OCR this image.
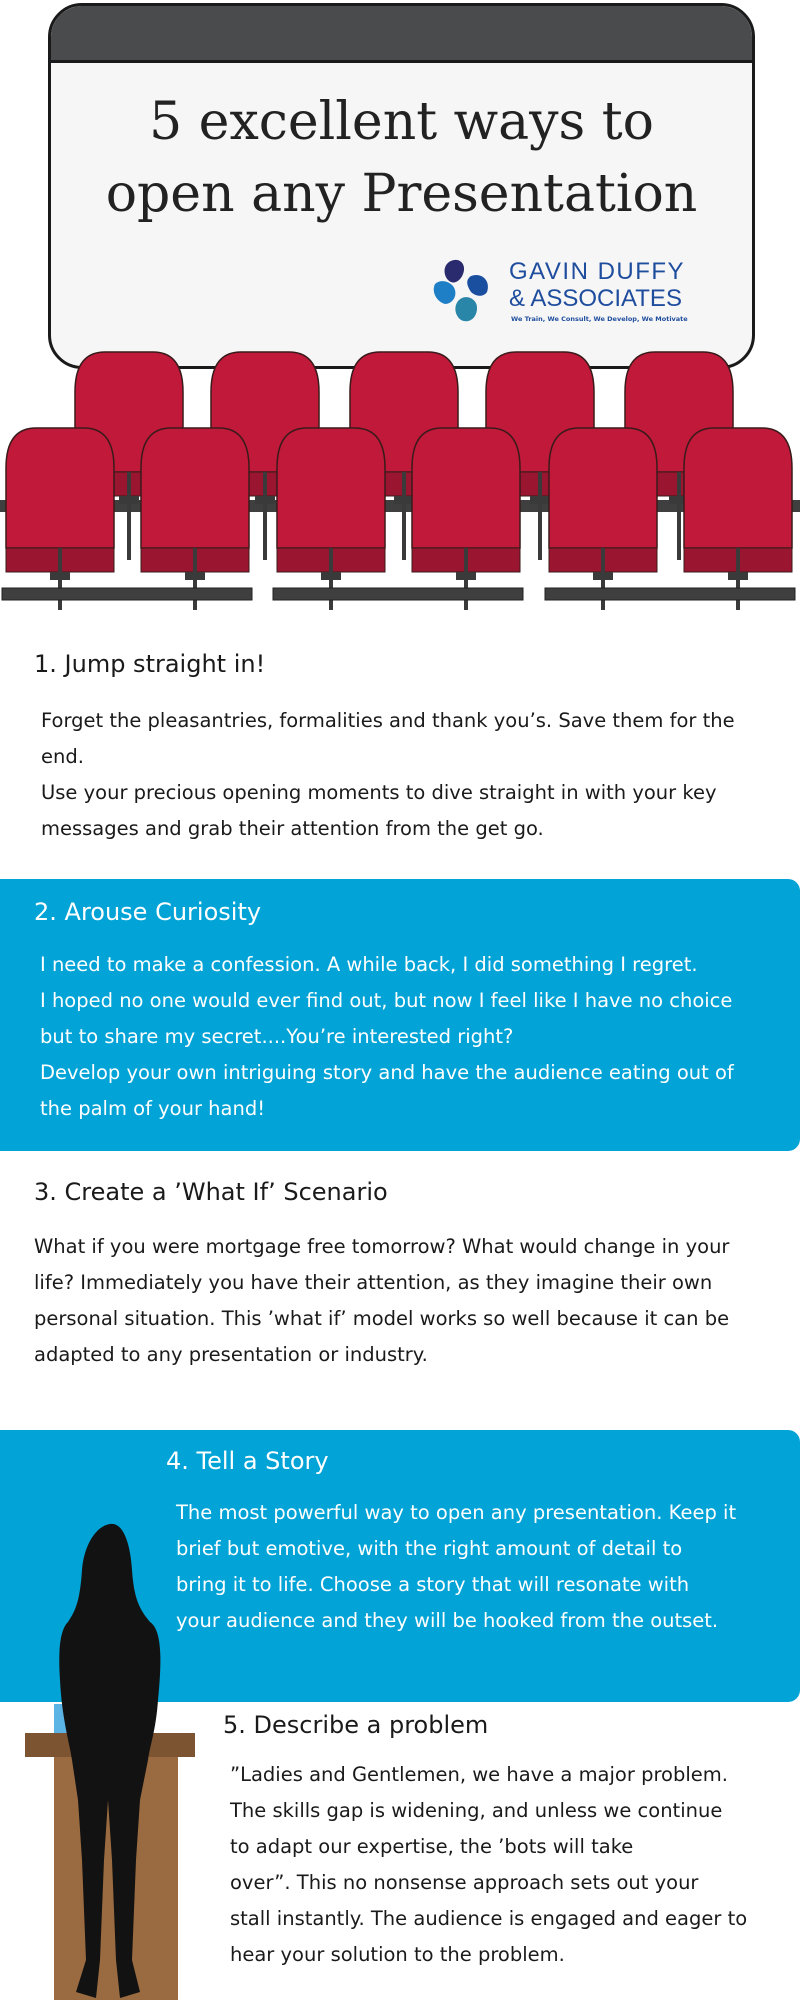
5 excellent ways to
open any Presentation
GAVIN DUFFY
& ASSOCIATES
We Train, We Consult, We Develop, We Motivate
1. Jump straight in!
Forget the pleasantries, formalities and thank you’s. Save them for the
end.
Use your precious opening moments to dive straight in with your key
messages and grab their attention from the get go.
2. Arouse Curiosity
I need to make a confession. A while back, I did something I regret.
I hoped no one would ever find out, but now I feel like I have no choice
but to share my secret....You’re interested right?
Develop your own intriguing story and have the audience eating out of
the palm of your hand!
3. Create a ’What If’ Scenario
What if you were mortgage free tomorrow? What would change in your
life? Immediately you have their attention, as they imagine their own
personal situation. This ’what if’ model works so well because it can be
adapted to any presentation or industry.
4. Tell a Story
The most powerful way to open any presentation. Keep it
brief but emotive, with the right amount of detail to
bring it to life. Choose a story that will resonate with
your audience and they will be hooked from the outset.
5. Describe a problem
”Ladies and Gentlemen, we have a major problem.
The skills gap is widening, and unless we continue
to adapt our expertise, the ’bots will take
over”. This no nonsense approach sets out your
stall instantly. The audience is engaged and eager to
hear your solution to the problem.
